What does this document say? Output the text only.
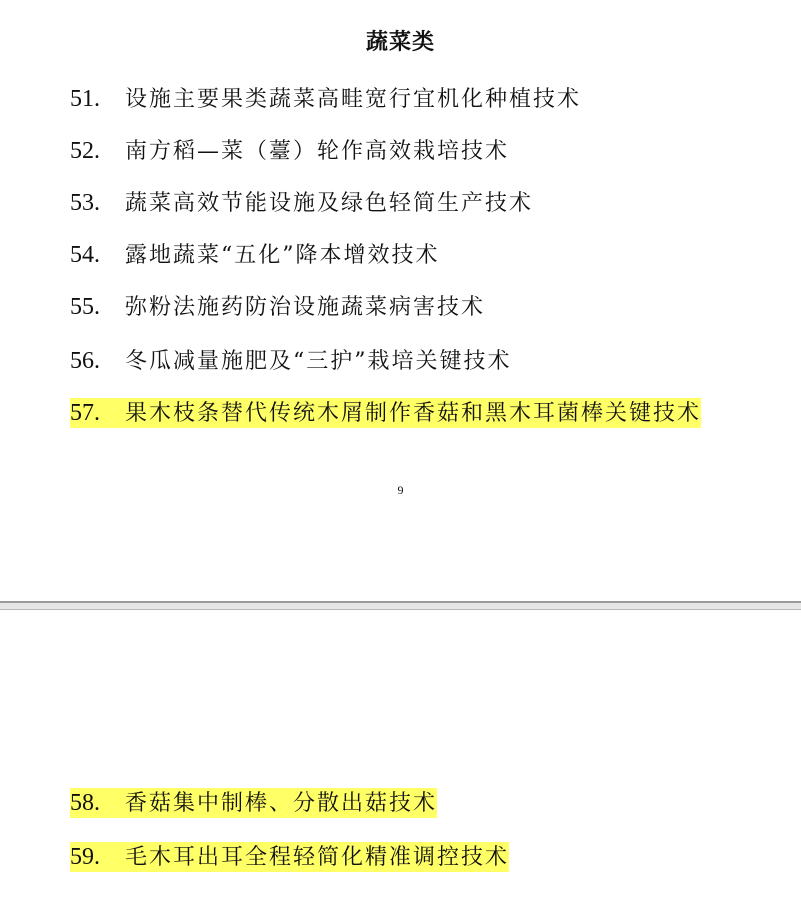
蔬菜类
51. 设施主要果类蔬菜高畦宽行宜机化种植技术
52. 南方稻—菜（薹）轮作高效栽培技术
53. 蔬菜高效节能设施及绿色轻简生产技术
54. 露地蔬菜“五化”降本增效技术
55. 弥粉法施药防治设施蔬菜病害技术
56. 冬瓜减量施肥及“三护”栽培关键技术
57. 果木枝条替代传统木屑制作香菇和黑木耳菌棒关键技术
9
58. 香菇集中制棒、分散出菇技术
59. 毛木耳出耳全程轻简化精准调控技术
